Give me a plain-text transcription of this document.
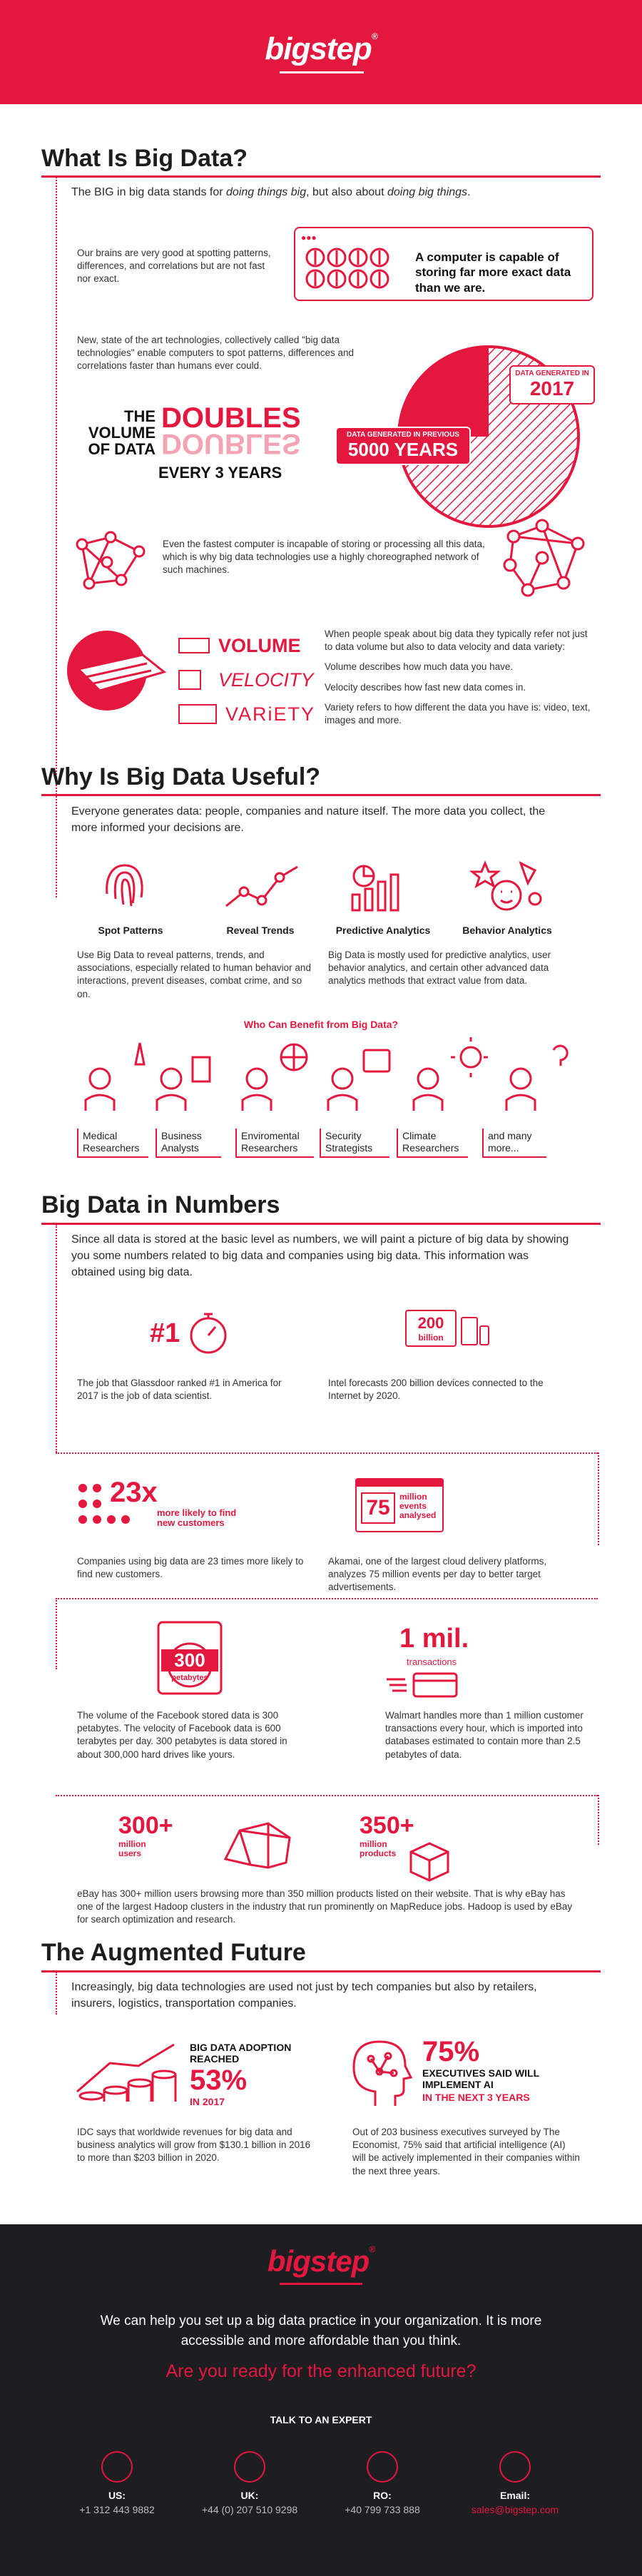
bigstep®
What Is Big Data?
The BIG in big data stands for doing things big, but also about doing big things.
Our brains are very good at spotting patterns, differences, and correlations but are not fast nor exact.
●●●
A computer is capable of storing far more exact data than we are.
New, state of the art technologies, collectively called "big data technologies" enable computers to spot patterns, differences and correlations faster than humans ever could.
DATA GENERATED IN
2017
DATA GENERATED IN PREVIOUS
5000 YEARS
THE VOLUME OF DATA
DOUBLES
DOUBLES
EVERY 3 YEARS
Even the fastest computer is incapable of storing or processing all this data, which is why big data technologies use a highly choreographed network of such machines.
VOLUME
VELOCITY
VARiETY
When people speak about big data they typically refer not just to data volume but also to data velocity and data variety:
Volume describes how much data you have.
Velocity describes how fast new data comes in.
Variety refers to how different the data you have is: video, text, images and more.
Why Is Big Data Useful?
Everyone generates data: people, companies and nature itself. The more data you collect, the more informed your decisions are.
Spot Patterns	Reveal Trends	Predictive Analytics	Behavior Analytics
Use Big Data to reveal patterns, trends, and associations, especially related to human behavior and interactions, prevent diseases, combat crime, and so on.
Big Data is mostly used for predictive analytics, user behavior analytics, and certain other advanced data analytics methods that extract value from data.
Who Can Benefit from Big Data?
Medical Researchers
Business Analysts
Enviromental Researchers
Security Strategists
Climate Researchers
and many more...
Big Data in Numbers
Since all data is stored at the basic level as numbers, we will paint a picture of big data by showing you some numbers related to big data and companies using big data. This information was obtained using big data.
#1
The job that Glassdoor ranked #1 in America for 2017 is the job of data scientist.
200
billion
Intel forecasts 200 billion devices connected to the Internet by 2020.
23x
more likely to find new customers
Companies using big data are 23 times more likely to find new customers.
75	million events analysed
Akamai, one of the largest cloud delivery platforms, analyzes 75 million events per day to better target advertisements.
300
petabytes
The volume of the Facebook stored data is 300 petabytes. The velocity of Facebook data is 600 terabytes per day. 300 petabytes is data stored in about 300,000 hard drives like yours.
1 mil.
transactions
Walmart handles more than 1 million customer transactions every hour, which is imported into databases estimated to contain more than 2.5 petabytes of data.
300+
million users
350+
million products
eBay has 300+ million users browsing more than 350 million products listed on their website. That is why eBay has one of the largest Hadoop clusters in the industry that run prominently on MapReduce jobs. Hadoop is used by eBay for search optimization and research.
The Augmented Future
Increasingly, big data technologies are used not just by tech companies but also by retailers, insurers, logistics, transportation companies.
BIG DATA ADOPTION REACHED
53%
IN 2017
IDC says that worldwide revenues for big data and business analytics will grow from $130.1 billion in 2016 to more than $203 billion in 2020.
75%
EXECUTIVES SAID WILL IMPLEMENT AI
IN THE NEXT 3 YEARS
Out of 203 business executives surveyed by The Economist, 75% said that artificial intelligence (AI) will be actively implemented in their companies within the next three years.
bigstep®
We can help you set up a big data practice in your organization. It is more accessible and more affordable than you think.
Are you ready for the enhanced future?
TALK TO AN EXPERT
US:
+1 312 443 9882
UK:
+44 (0) 207 510 9298
RO:
+40 799 733 888
Email:
sales@bigstep.com
